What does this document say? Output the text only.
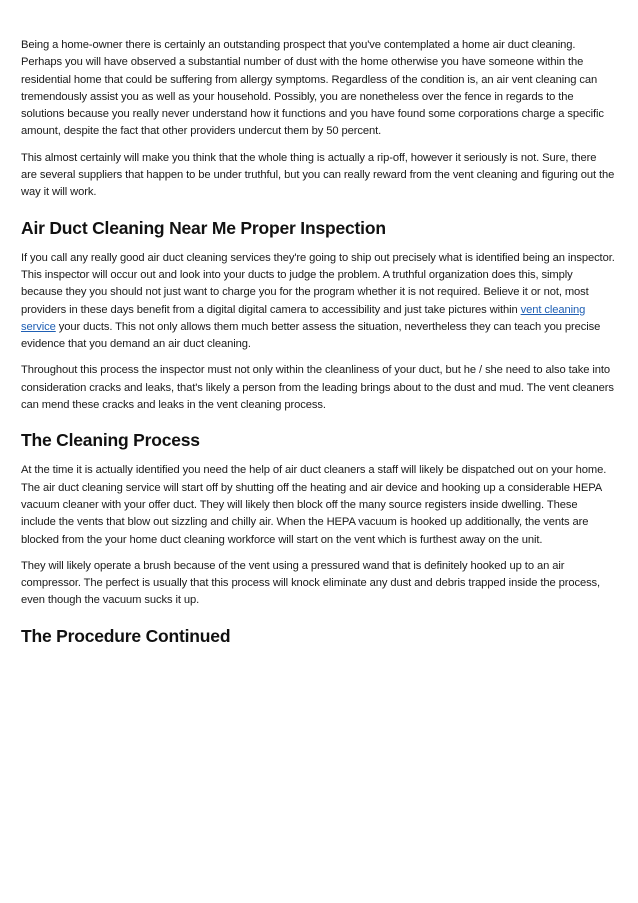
Being a home-owner there is certainly an outstanding prospect that you've contemplated a home air duct cleaning. Perhaps you will have observed a substantial number of dust with the home otherwise you have someone within the residential home that could be suffering from allergy symptoms. Regardless of the condition is, an air vent cleaning can tremendously assist you as well as your household. Possibly, you are nonetheless over the fence in regards to the solutions because you really never understand how it functions and you have found some corporations charge a specific amount, despite the fact that other providers undercut them by 50 percent.

This almost certainly will make you think that the whole thing is actually a rip-off, however it seriously is not. Sure, there are several suppliers that happen to be under truthful, but you can really reward from the vent cleaning and figuring out the way it will work.

Air Duct Cleaning Near Me Proper Inspection

If you call any really good air duct cleaning services they're going to ship out precisely what is identified being an inspector. This inspector will occur out and look into your ducts to judge the problem. A truthful organization does this, simply because they you should not just want to charge you for the program whether it is not required. Believe it or not, most providers in these days benefit from a digital digital camera to accessibility and just take pictures within vent cleaning service your ducts. This not only allows them much better assess the situation, nevertheless they can teach you precise evidence that you demand an air duct cleaning.

Throughout this process the inspector must not only within the cleanliness of your duct, but he / she need to also take into consideration cracks and leaks, that's likely a person from the leading brings about to the dust and mud. The vent cleaners can mend these cracks and leaks in the vent cleaning process.

The Cleaning Process

At the time it is actually identified you need the help of air duct cleaners a staff will likely be dispatched out on your home. The air duct cleaning service will start off by shutting off the heating and air device and hooking up a considerable HEPA vacuum cleaner with your offer duct. They will likely then block off the many source registers inside dwelling. These include the vents that blow out sizzling and chilly air. When the HEPA vacuum is hooked up additionally, the vents are blocked from the your home duct cleaning workforce will start on the vent which is furthest away on the unit.

They will likely operate a brush because of the vent using a pressured wand that is definitely hooked up to an air compressor. The perfect is usually that this process will knock eliminate any dust and debris trapped inside the process, even though the vacuum sucks it up.

The Procedure Continued
